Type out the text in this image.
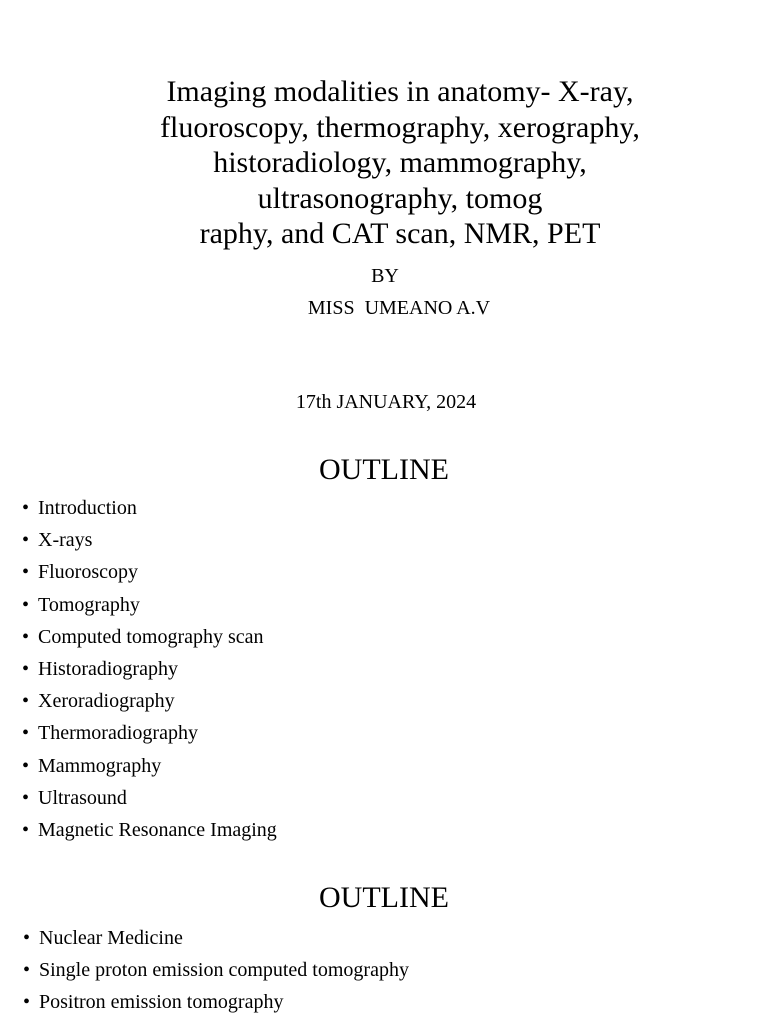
Imaging modalities in anatomy- X-ray,
fluoroscopy, thermography, xerography,
historadiology, mammography,
ultrasonography, tomog
raphy, and CAT scan, NMR, PET
BY
MISS  UMEANO A.V
17th JANUARY, 2024
OUTLINE
• Introduction
• X-rays
• Fluoroscopy
• Tomography
• Computed tomography scan
• Historadiography
• Xeroradiography
• Thermoradiography
• Mammography
• Ultrasound
• Magnetic Resonance Imaging
OUTLINE
• Nuclear Medicine
• Single proton emission computed tomography
• Positron emission tomography
